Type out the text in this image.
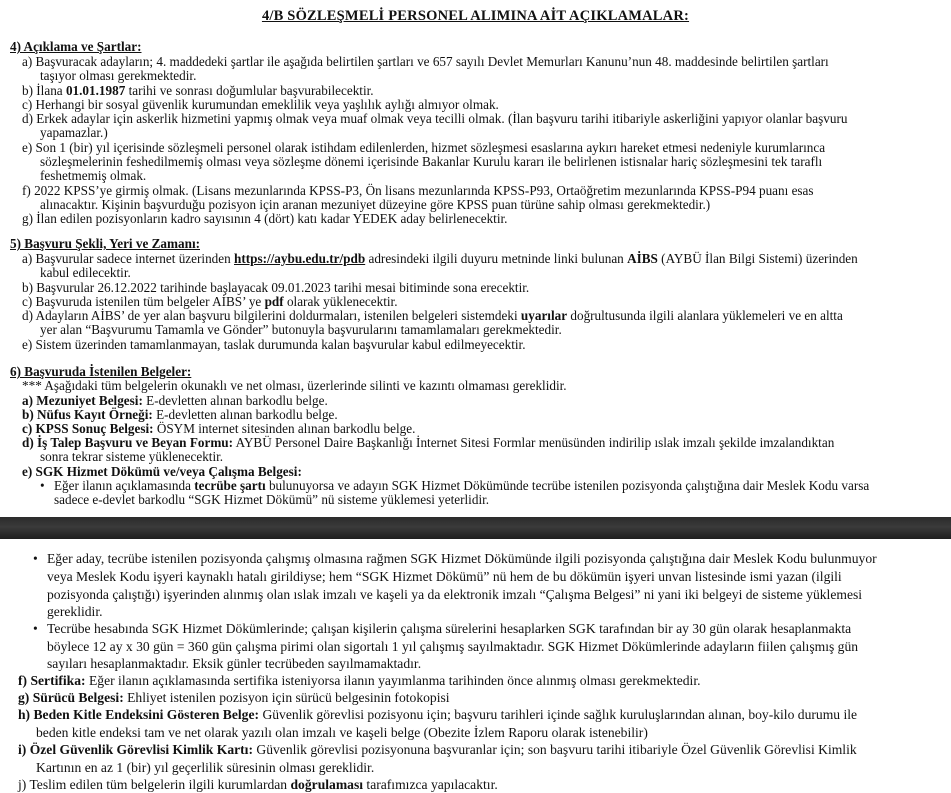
4/B SÖZLEŞMELİ PERSONEL ALIMINA AİT AÇIKLAMALAR:
4) Açıklama ve Şartlar:
a) Başvuracak adayların; 4. maddedeki şartlar ile aşağıda belirtilen şartları ve 657 sayılı Devlet Memurları Kanunu’nun 48. maddesinde belirtilen şartları
taşıyor olması gerekmektedir.
b) İlana 01.01.1987 tarihi ve sonrası doğumlular başvurabilecektir.
c) Herhangi bir sosyal güvenlik kurumundan emeklilik veya yaşlılık aylığı almıyor olmak.
d) Erkek adaylar için askerlik hizmetini yapmış olmak veya muaf olmak veya tecilli olmak. (İlan başvuru tarihi itibariyle askerliğini yapıyor olanlar başvuru
yapamazlar.)
e) Son 1 (bir) yıl içerisinde sözleşmeli personel olarak istihdam edilenlerden, hizmet sözleşmesi esaslarına aykırı hareket etmesi nedeniyle kurumlarınca
sözleşmelerinin feshedilmemiş olması veya sözleşme dönemi içerisinde Bakanlar Kurulu kararı ile belirlenen istisnalar hariç sözleşmesini tek taraflı
feshetmemiş olmak.
f) 2022 KPSS’ye girmiş olmak. (Lisans mezunlarında KPSS-P3, Ön lisans mezunlarında KPSS-P93, Ortaöğretim mezunlarında KPSS-P94 puanı esas
alınacaktır. Kişinin başvurduğu pozisyon için aranan mezuniyet düzeyine göre KPSS puan türüne sahip olması gerekmektedir.)
g) İlan edilen pozisyonların kadro sayısının 4 (dört) katı kadar YEDEK aday belirlenecektir.
5) Başvuru Şekli, Yeri ve Zamanı:
a) Başvurular sadece internet üzerinden https://aybu.edu.tr/pdb adresindeki ilgili duyuru metninde linki bulunan AİBS (AYBÜ İlan Bilgi Sistemi) üzerinden
kabul edilecektir.
b) Başvurular 26.12.2022 tarihinde başlayacak 09.01.2023 tarihi mesai bitiminde sona erecektir.
c) Başvuruda istenilen tüm belgeler AİBS’ ye pdf olarak yüklenecektir.
d) Adayların AİBS’ de yer alan başvuru bilgilerini doldurmaları, istenilen belgeleri sistemdeki uyarılar doğrultusunda ilgili alanlara yüklemeleri ve en altta
yer alan “Başvurumu Tamamla ve Gönder” butonuyla başvurularını tamamlamaları gerekmektedir.
e) Sistem üzerinden tamamlanmayan, taslak durumunda kalan başvurular kabul edilmeyecektir.
6) Başvuruda İstenilen Belgeler:
*** Aşağıdaki tüm belgelerin okunaklı ve net olması, üzerlerinde silinti ve kazıntı olmaması gereklidir.
a) Mezuniyet Belgesi: E-devletten alınan barkodlu belge.
b) Nüfus Kayıt Örneği: E-devletten alınan barkodlu belge.
c) KPSS Sonuç Belgesi: ÖSYM internet sitesinden alınan barkodlu belge.
d) İş Talep Başvuru ve Beyan Formu: AYBÜ Personel Daire Başkanlığı İnternet Sitesi Formlar menüsünden indirilip ıslak imzalı şekilde imzalandıktan
sonra tekrar sisteme yüklenecektir.
e) SGK Hizmet Dökümü ve/veya Çalışma Belgesi:
• Eğer ilanın açıklamasında tecrübe şartı bulunuyorsa ve adayın SGK Hizmet Dökümünde tecrübe istenilen pozisyonda çalıştığına dair Meslek Kodu varsa
sadece e-devlet barkodlu “SGK Hizmet Dökümü” nü sisteme yüklemesi yeterlidir.
• Eğer aday, tecrübe istenilen pozisyonda çalışmış olmasına rağmen SGK Hizmet Dökümünde ilgili pozisyonda çalıştığına dair Meslek Kodu bulunmuyor
veya Meslek Kodu işyeri kaynaklı hatalı girildiyse; hem “SGK Hizmet Dökümü” nü hem de bu dökümün işyeri unvan listesinde ismi yazan (ilgili
pozisyonda çalıştığı) işyerinden alınmış olan ıslak imzalı ve kaşeli ya da elektronik imzalı “Çalışma Belgesi” ni yani iki belgeyi de sisteme yüklemesi
gereklidir.
• Tecrübe hesabında SGK Hizmet Dökümlerinde; çalışan kişilerin çalışma sürelerini hesaplarken SGK tarafından bir ay 30 gün olarak hesaplanmakta
böylece 12 ay x 30 gün = 360 gün çalışma pirimi olan sigortalı 1 yıl çalışmış sayılmaktadır. SGK Hizmet Dökümlerinde adayların fiilen çalışmış gün
sayıları hesaplanmaktadır. Eksik günler tecrübeden sayılmamaktadır.
f) Sertifika: Eğer ilanın açıklamasında sertifika isteniyorsa ilanın yayımlanma tarihinden önce alınmış olması gerekmektedir.
g) Sürücü Belgesi: Ehliyet istenilen pozisyon için sürücü belgesinin fotokopisi
h) Beden Kitle Endeksini Gösteren Belge: Güvenlik görevlisi pozisyonu için; başvuru tarihleri içinde sağlık kuruluşlarından alınan, boy-kilo durumu ile
beden kitle endeksi tam ve net olarak yazılı olan imzalı ve kaşeli belge (Obezite İzlem Raporu olarak istenebilir)
i) Özel Güvenlik Görevlisi Kimlik Kartı: Güvenlik görevlisi pozisyonuna başvuranlar için; son başvuru tarihi itibariyle Özel Güvenlik Görevlisi Kimlik
Kartının en az 1 (bir) yıl geçerlilik süresinin olması gereklidir.
j) Teslim edilen tüm belgelerin ilgili kurumlardan doğrulaması tarafımızca yapılacaktır.
